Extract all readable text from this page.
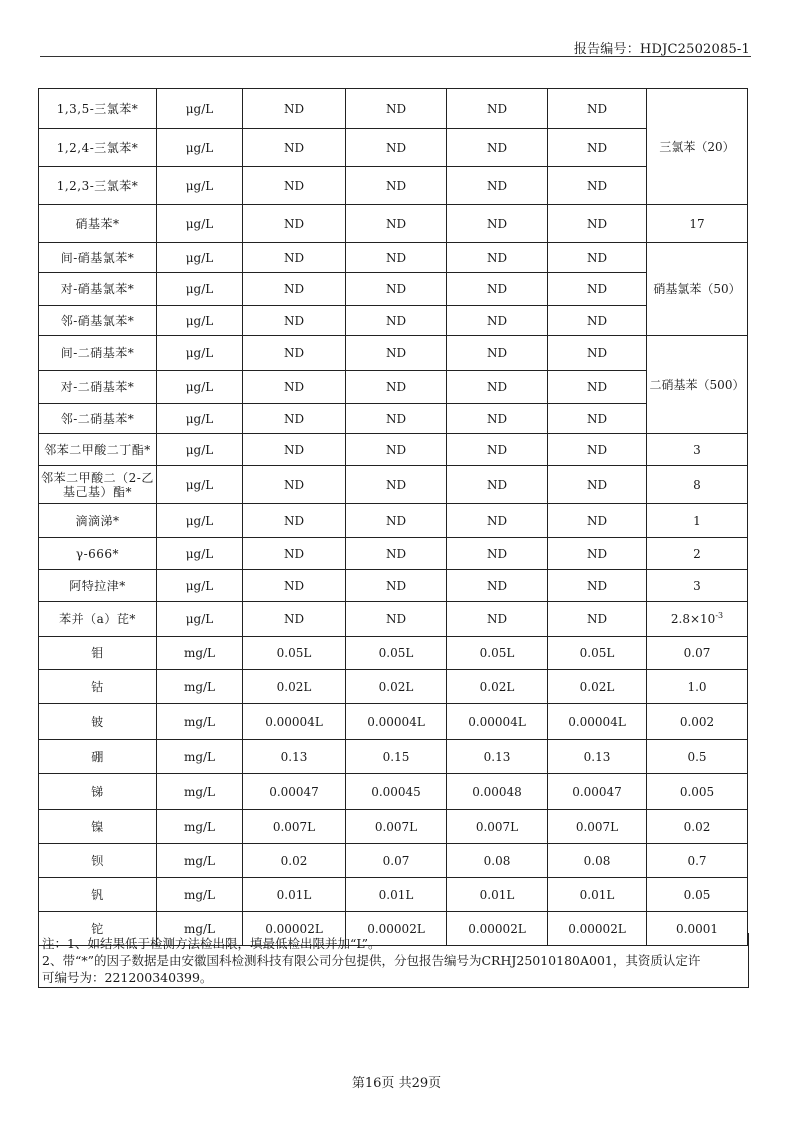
报告编号：HDJC2502085-1
1,3,5-三氯苯*	μg/L	ND	ND	ND	ND	三氯苯（20）
1,2,4-三氯苯*	μg/L	ND	ND	ND	ND	
1,2,3-三氯苯*	μg/L	ND	ND	ND	ND	
硝基苯*	μg/L	ND	ND	ND	ND	17
间-硝基氯苯*	μg/L	ND	ND	ND	ND	硝基氯苯（50）
对-硝基氯苯*	μg/L	ND	ND	ND	ND	
邻-硝基氯苯*	μg/L	ND	ND	ND	ND	
间-二硝基苯*	μg/L	ND	ND	ND	ND	二硝基苯（500）
对-二硝基苯*	μg/L	ND	ND	ND	ND	
邻-二硝基苯*	μg/L	ND	ND	ND	ND	
邻苯二甲酸二丁酯*	μg/L	ND	ND	ND	ND	3
邻苯二甲酸二（2-乙基己基）酯*	μg/L	ND	ND	ND	ND	8
滴滴涕*	μg/L	ND	ND	ND	ND	1
γ-666*	μg/L	ND	ND	ND	ND	2
阿特拉津*	μg/L	ND	ND	ND	ND	3
苯并（a）芘*	μg/L	ND	ND	ND	ND	$2.8\times 10^{-3}$
钼	mg/L	0.05L	0.05L	0.05L	0.05L	0.07
钴	mg/L	0.02L	0.02L	0.02L	0.02L	1.0
铍	mg/L	0.00004L	0.00004L	0.00004L	0.00004L	0.002
硼	mg/L	0.13	0.15	0.13	0.13	0.5
锑	mg/L	0.00047	0.00045	0.00048	0.00047	0.005
镍	mg/L	0.007L	0.007L	0.007L	0.007L	0.02
钡	mg/L	0.02	0.07	0.08	0.08	0.7
钒	mg/L	0.01L	0.01L	0.01L	0.01L	0.05
铊	mg/L	0.00002L	0.00002L	0.00002L	0.00002L	0.0001
注：1、如结果低于检测方法检出限，填最低检出限并加“L”。
2、带“*”的因子数据是由安徽国科检测科技有限公司分包提供，分包报告编号为CRHJ25010180A001，其资质认定许
可编号为：221200340399。
第16页 共29页
